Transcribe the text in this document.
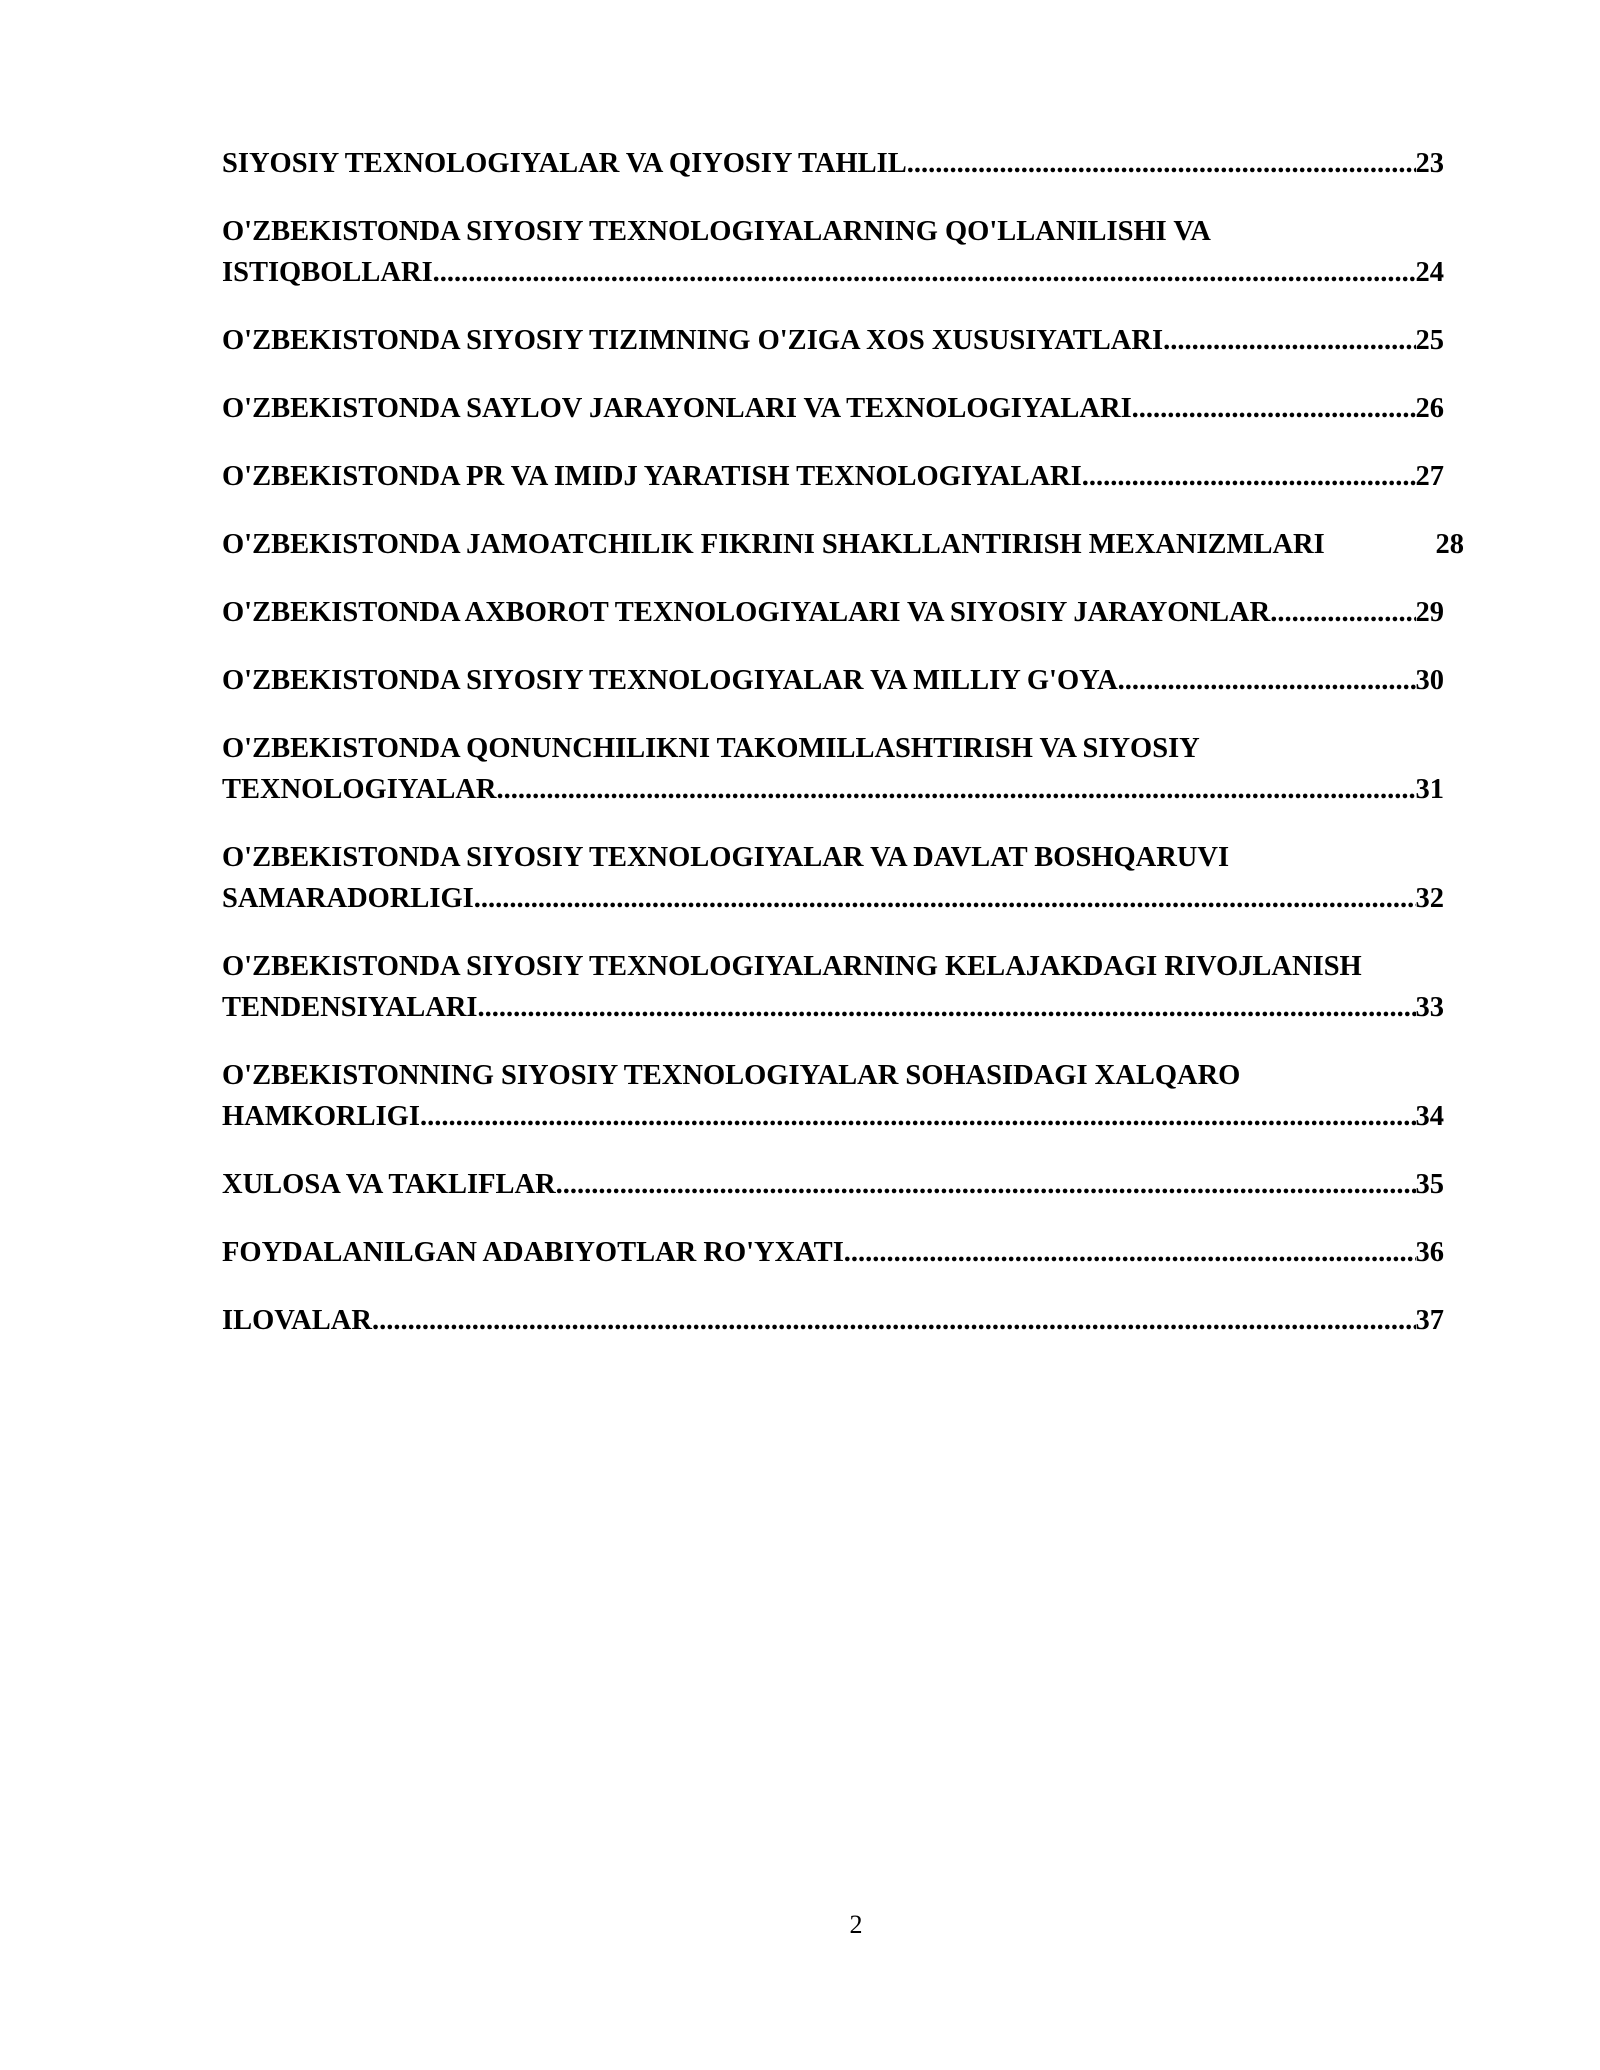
SIYOSIY TEXNOLOGIYALAR VA QIYOSIY TAHLIL .....	23
O'ZBEKISTONDA SIYOSIY TEXNOLOGIYALARNING QO'LLANILISHI VA
ISTIQBOLLARI .....	24
O'ZBEKISTONDA SIYOSIY TIZIMNING O'ZIGA XOS XUSUSIYATLARI .....	25
O'ZBEKISTONDA SAYLOV JARAYONLARI VA TEXNOLOGIYALARI .....	26
O'ZBEKISTONDA PR VA IMIDJ YARATISH TEXNOLOGIYALARI .....	27
O'ZBEKISTONDA JAMOATCHILIK FIKRINI SHAKLLANTIRISH MEXANIZMLARI	28
O'ZBEKISTONDA AXBOROT TEXNOLOGIYALARI VA SIYOSIY JARAYONLAR .....	29
O'ZBEKISTONDA SIYOSIY TEXNOLOGIYALAR VA MILLIY G'OYA .....	30
O'ZBEKISTONDA QONUNCHILIKNI TAKOMILLASHTIRISH VA SIYOSIY
TEXNOLOGIYALAR .....	31
O'ZBEKISTONDA SIYOSIY TEXNOLOGIYALAR VA DAVLAT BOSHQARUVI
SAMARADORLIGI .....	32
O'ZBEKISTONDA SIYOSIY TEXNOLOGIYALARNING KELAJAKDAGI RIVOJLANISH
TENDENSIYALARI .....	33
O'ZBEKISTONNING SIYOSIY TEXNOLOGIYALAR SOHASIDAGI XALQARO
HAMKORLIGI .....	34
XULOSA VA TAKLIFLAR .....	35
FOYDALANILGAN ADABIYOTLAR RO'YXATI .....	36
ILOVALAR .....	37
2
